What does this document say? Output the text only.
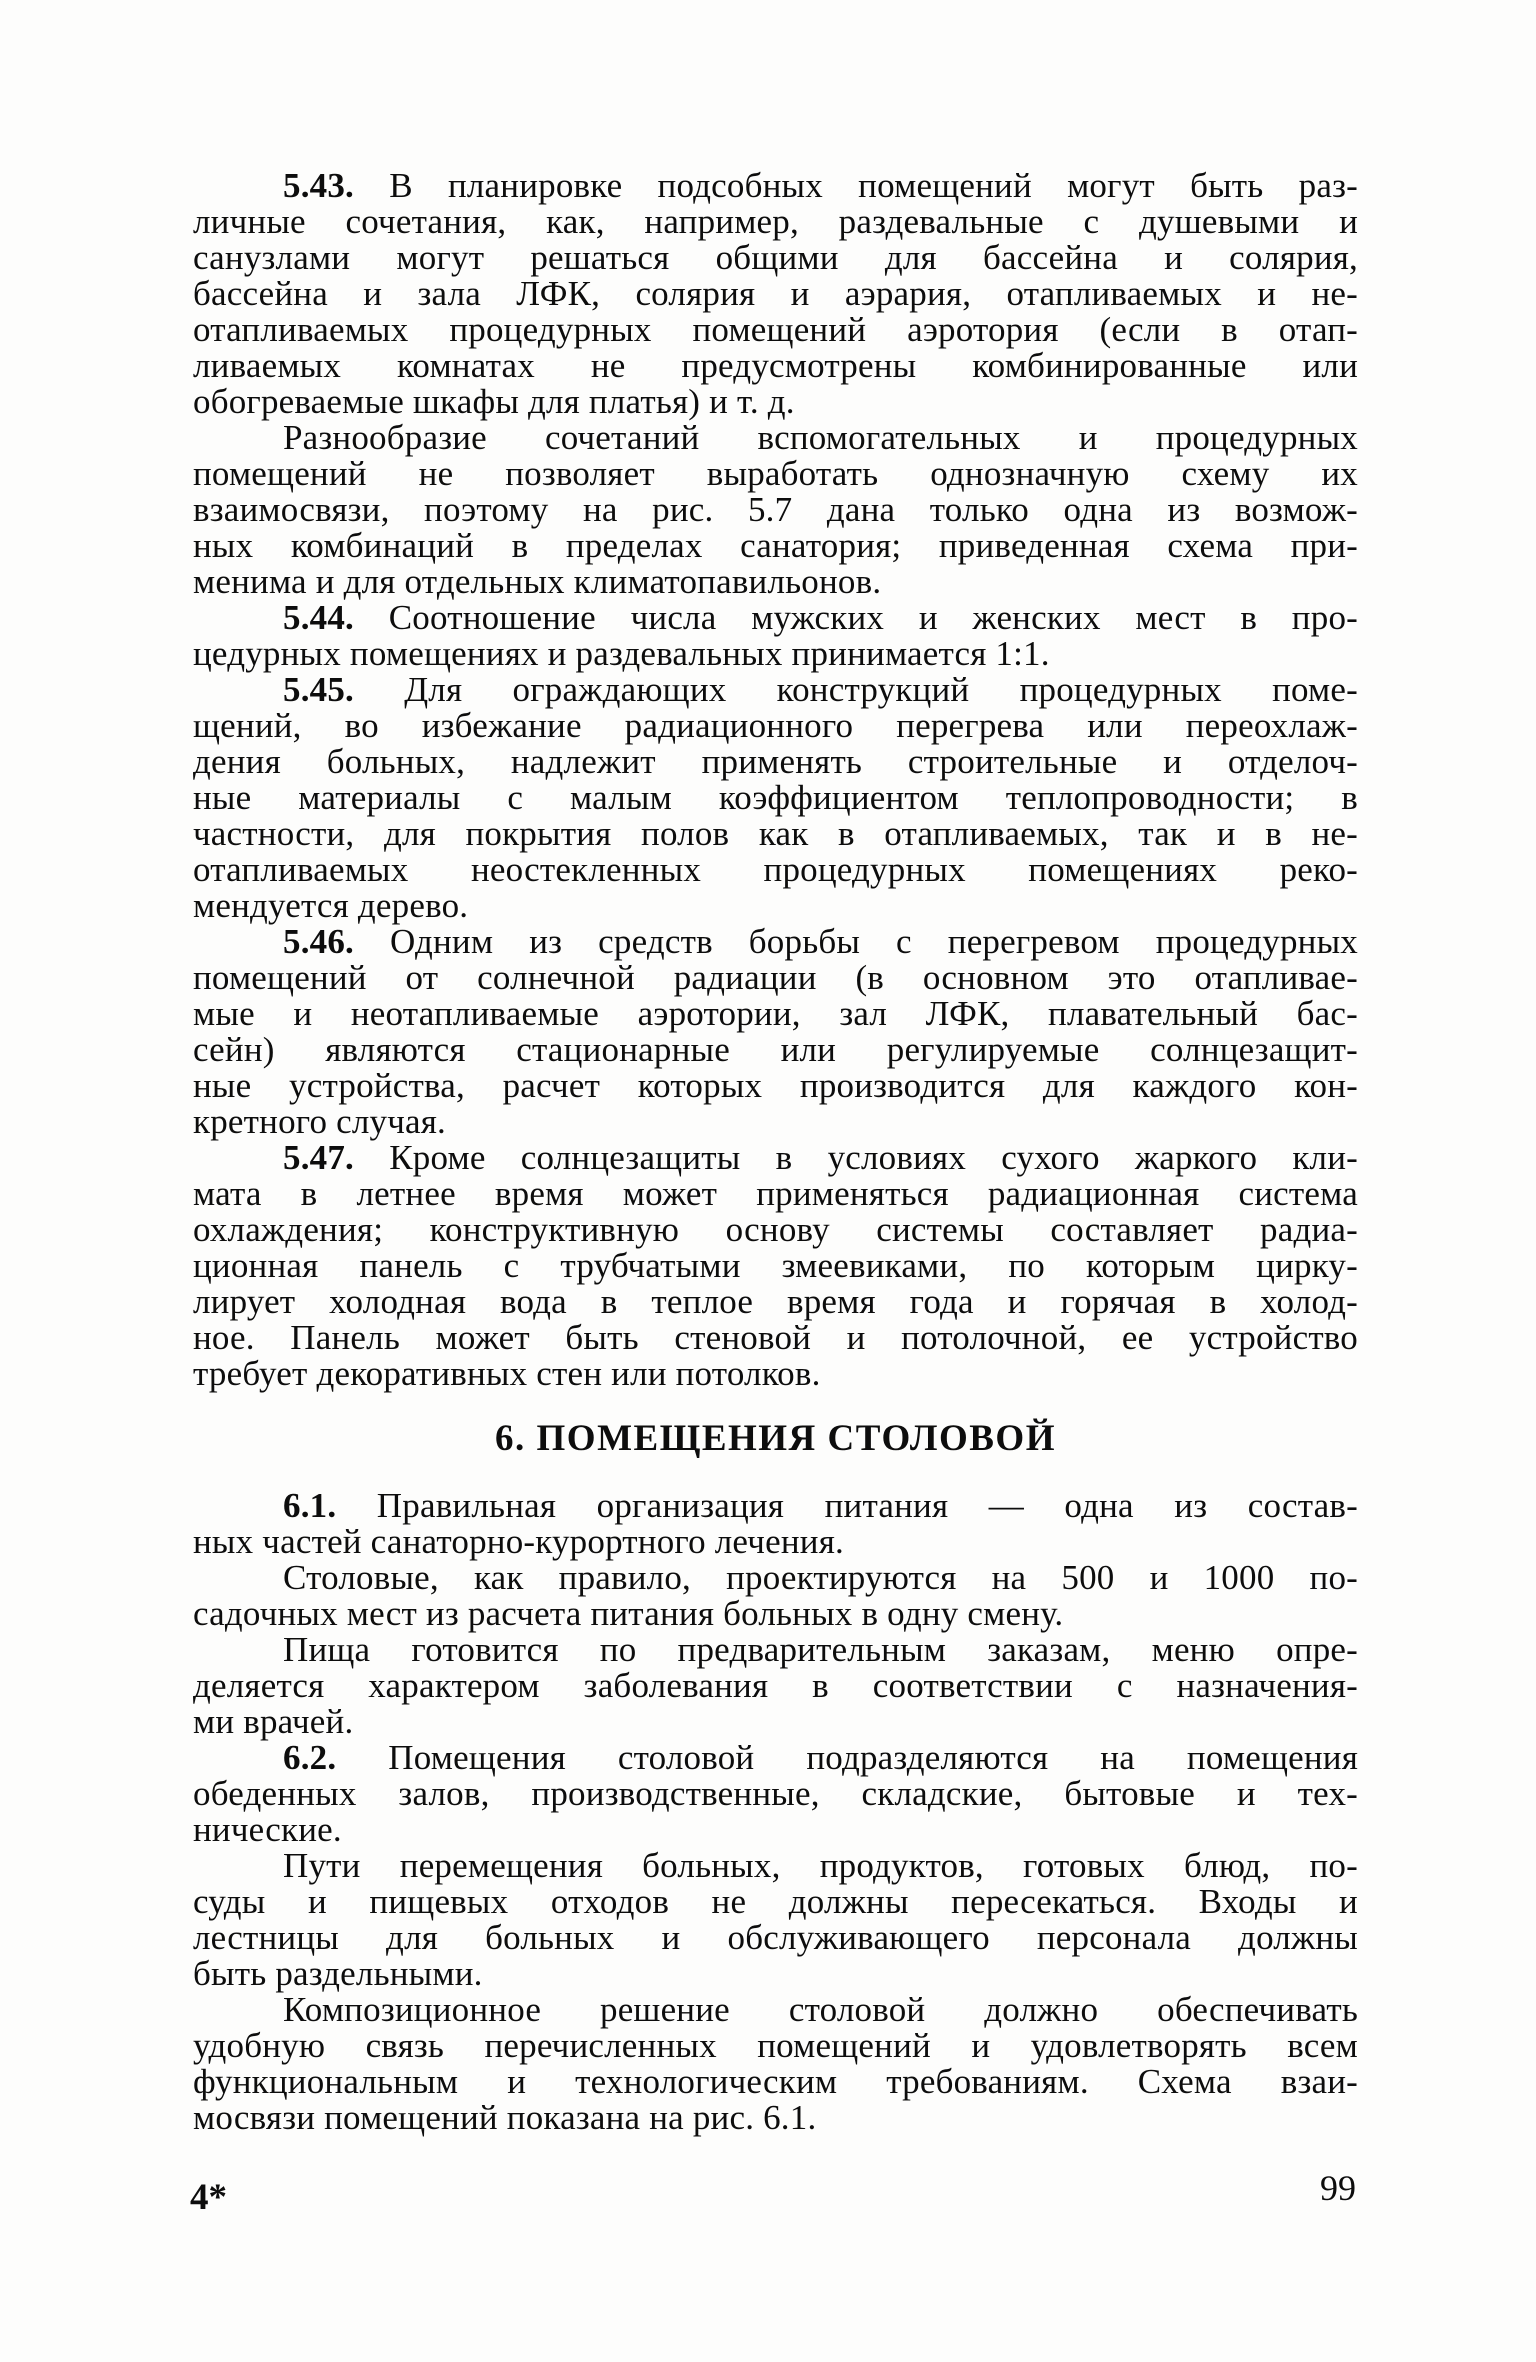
5.43. В планировке подсобных помещений могут быть раз-
личные сочетания, как, например, раздевальные с душевыми и
санузлами могут решаться общими для бассейна и солярия,
бассейна и зала ЛФК, солярия и аэрария, отапливаемых и не-
отапливаемых процедурных помещений аэротория (если в отап-
ливаемых комнатах не предусмотрены комбинированные или
обогреваемые шкафы для платья) и т. д.
Разнообразие сочетаний вспомогательных и процедурных
помещений не позволяет выработать однозначную схему их
взаимосвязи, поэтому на рис. 5.7 дана только одна из возмож-
ных комбинаций в пределах санатория; приведенная схема при-
менима и для отдельных климатопавильонов.
5.44. Соотношение числа мужских и женских мест в про-
цедурных помещениях и раздевальных принимается 1:1.
5.45. Для ограждающих конструкций процедурных поме-
щений, во избежание радиационного перегрева или переохлаж-
дения больных, надлежит применять строительные и отделоч-
ные материалы с малым коэффициентом теплопроводности; в
частности, для покрытия полов как в отапливаемых, так и в не-
отапливаемых неостекленных процедурных помещениях реко-
мендуется дерево.
5.46. Одним из средств борьбы с перегревом процедурных
помещений от солнечной радиации (в основном это отапливае-
мые и неотапливаемые аэротории, зал ЛФК, плавательный бас-
сейн) являются стационарные или регулируемые солнцезащит-
ные устройства, расчет которых производится для каждого кон-
кретного случая.
5.47. Кроме солнцезащиты в условиях сухого жаркого кли-
мата в летнее время может применяться радиационная система
охлаждения; конструктивную основу системы составляет радиа-
ционная панель с трубчатыми змеевиками, по которым цирку-
лирует холодная вода в теплое время года и горячая в холод-
ное. Панель может быть стеновой и потолочной, ее устройство
требует декоративных стен или потолков.
6. ПОМЕЩЕНИЯ СТОЛОВОЙ
6.1. Правильная организация питания — одна из состав-
ных частей санаторно-курортного лечения.
Столовые, как правило, проектируются на 500 и 1000 по-
садочных мест из расчета питания больных в одну смену.
Пища готовится по предварительным заказам, меню опре-
деляется характером заболевания в соответствии с назначения-
ми врачей.
6.2. Помещения столовой подразделяются на помещения
обеденных залов, производственные, складские, бытовые и тех-
нические.
Пути перемещения больных, продуктов, готовых блюд, по-
суды и пищевых отходов не должны пересекаться. Входы и
лестницы для больных и обслуживающего персонала должны
быть раздельными.
Композиционное решение столовой должно обеспечивать
удобную связь перечисленных помещений и удовлетворять всем
функциональным и технологическим требованиям. Схема взаи-
мосвязи помещений показана на рис. 6.1.
4*	99
